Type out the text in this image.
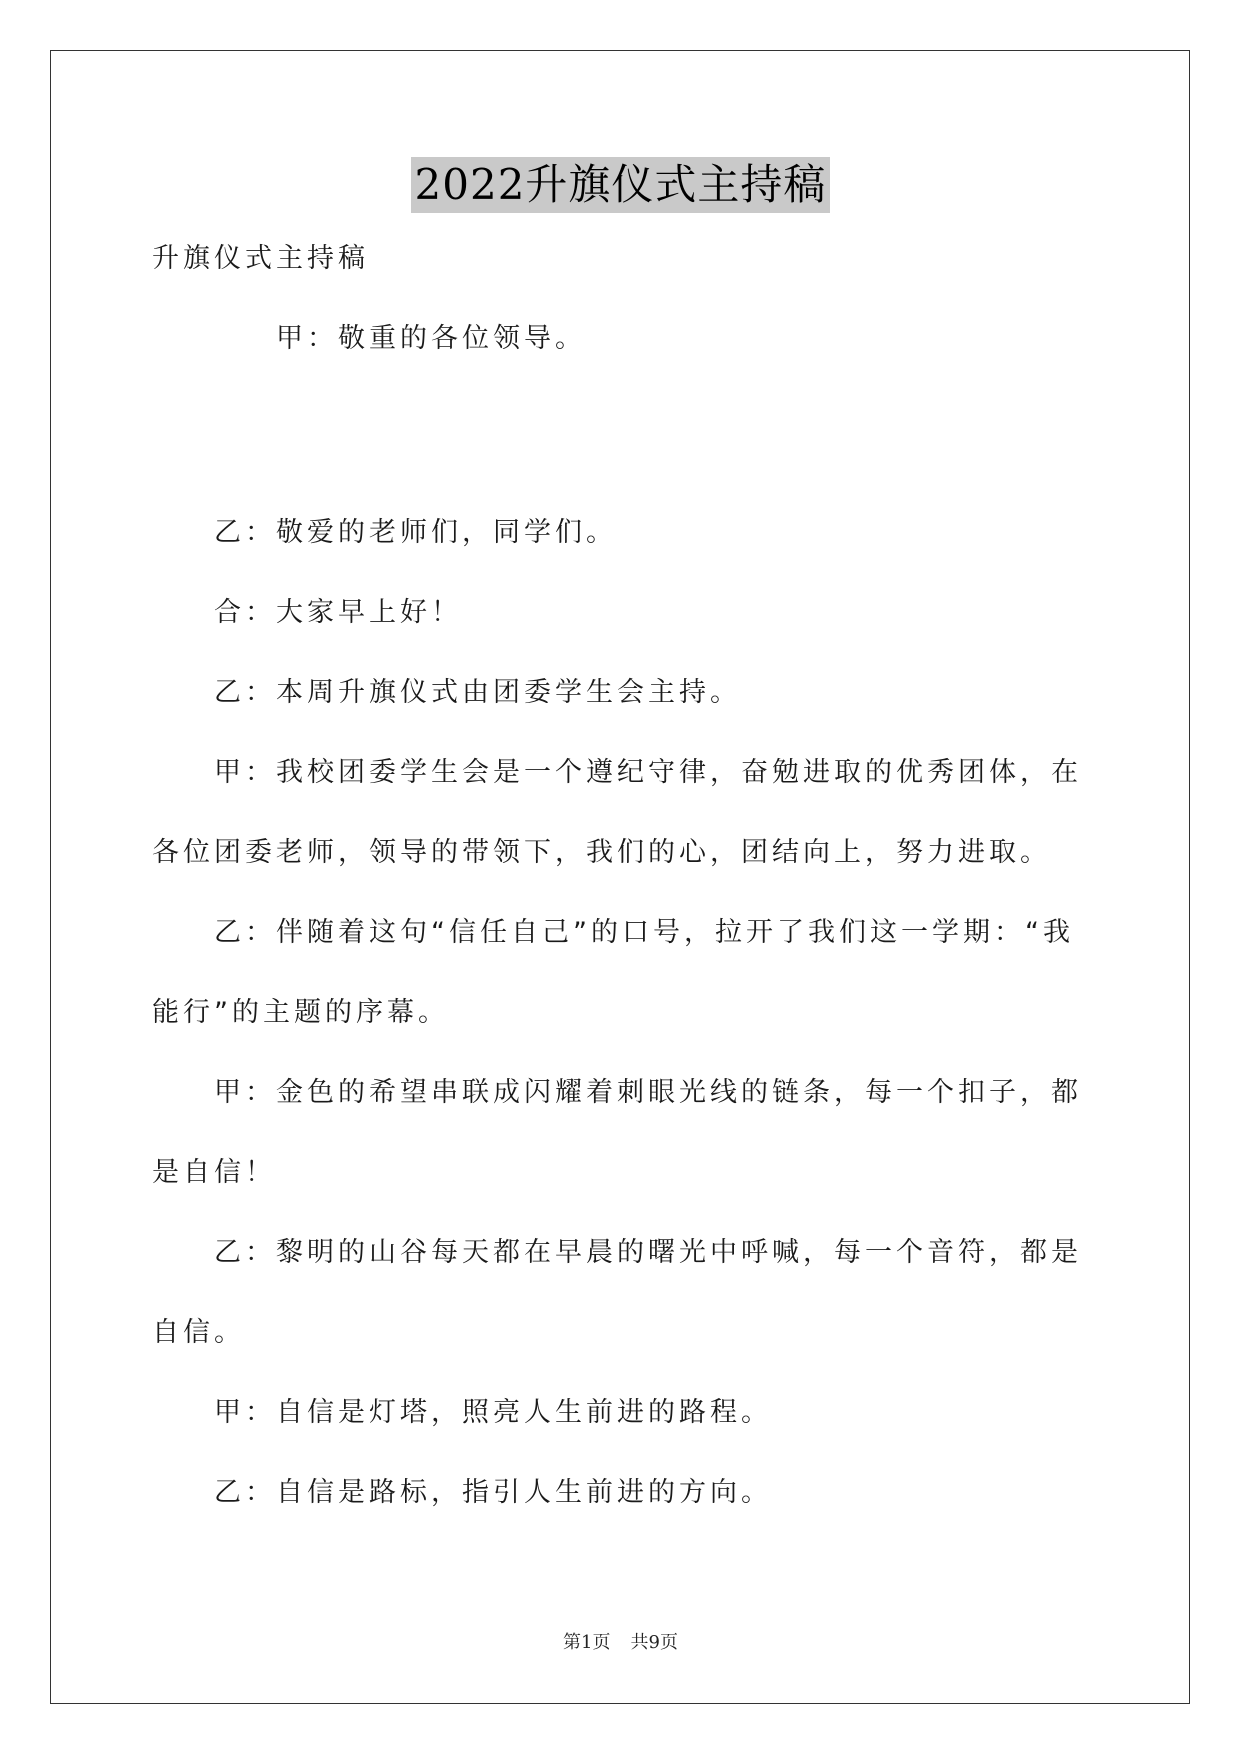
2022升旗仪式主持稿
升旗仪式主持稿
甲：敬重的各位领导。
乙：敬爱的老师们，同学们。
合：大家早上好！
乙：本周升旗仪式由团委学生会主持。
甲：我校团委学生会是一个遵纪守律，奋勉进取的优秀团体，在
各位团委老师，领导的带领下，我们的心，团结向上，努力进取。
乙：伴随着这句“信任自己”的口号，拉开了我们这一学期：“我
能行”的主题的序幕。
甲：金色的希望串联成闪耀着刺眼光线的链条，每一个扣子，都
是自信！
乙：黎明的山谷每天都在早晨的曙光中呼喊，每一个音符，都是
自信。
甲：自信是灯塔，照亮人生前进的路程。
乙：自信是路标，指引人生前进的方向。
第1页 共9页
